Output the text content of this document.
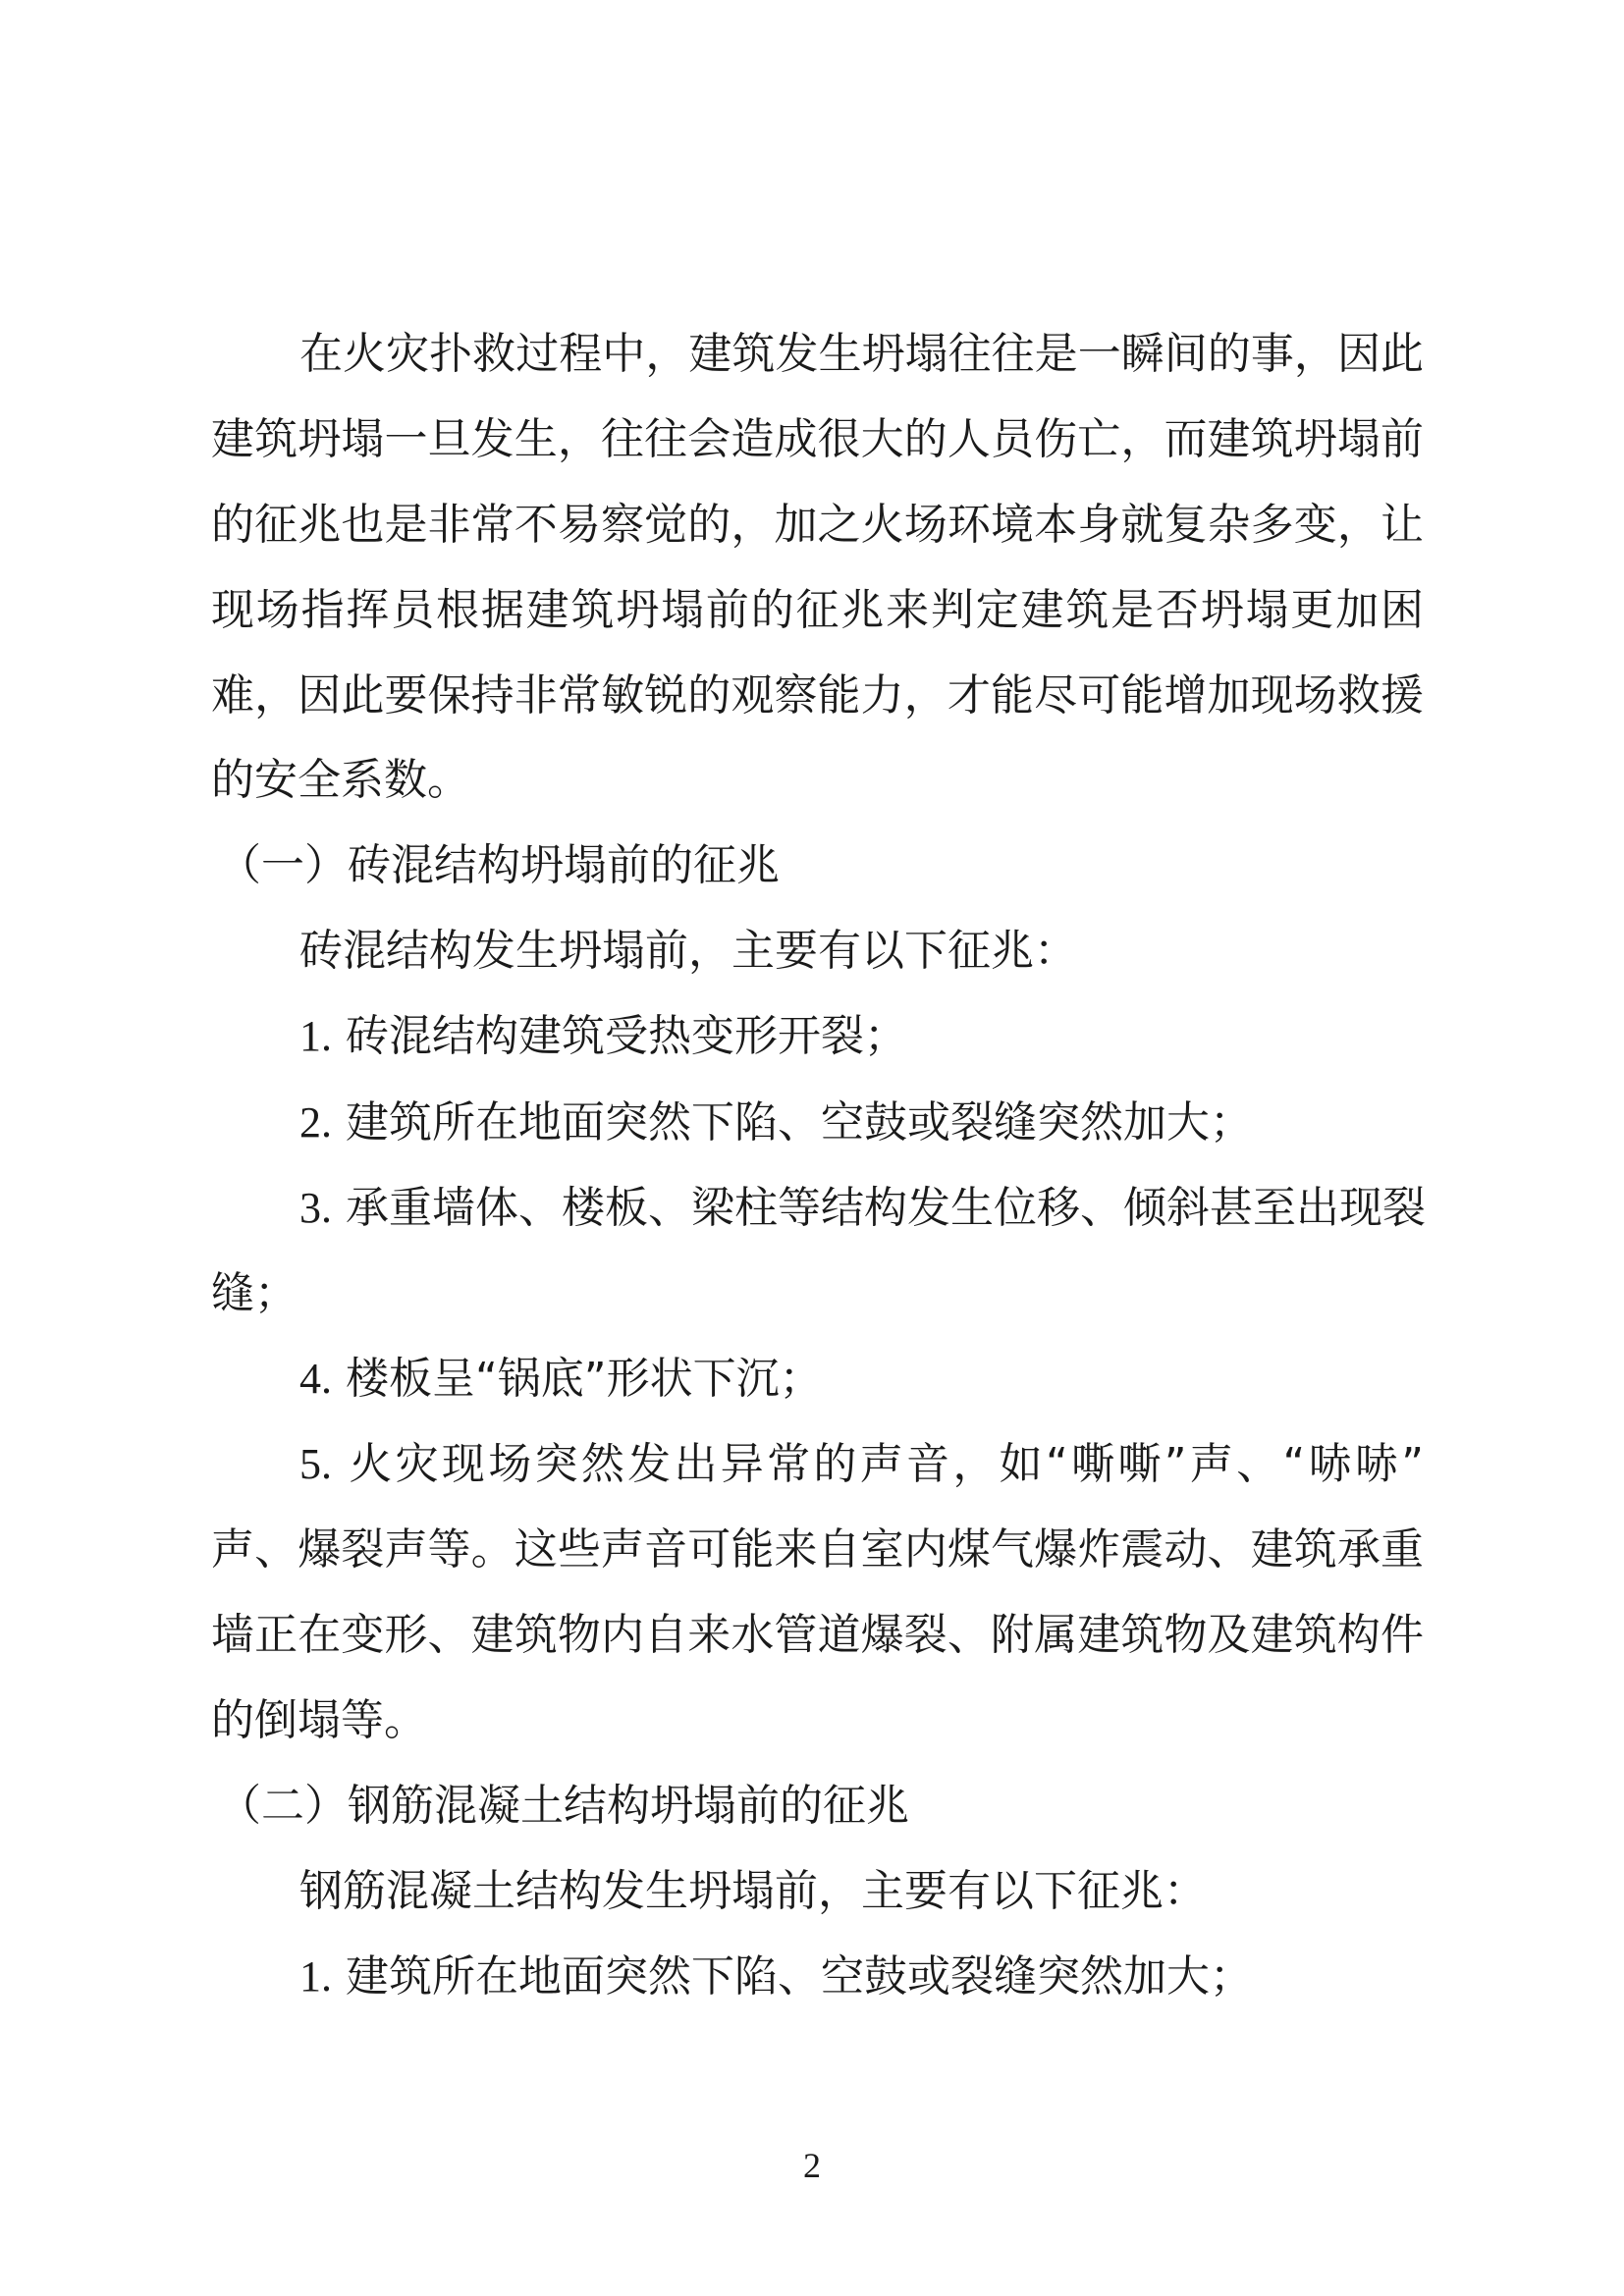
在火灾扑救过程中，建筑发生坍塌往往是一瞬间的事，因此
建筑坍塌一旦发生，往往会造成很大的人员伤亡，而建筑坍塌前
的征兆也是非常不易察觉的，加之火场环境本身就复杂多变，让
现场指挥员根据建筑坍塌前的征兆来判定建筑是否坍塌更加困
难，因此要保持非常敏锐的观察能力，才能尽可能增加现场救援
的安全系数。
（一）砖混结构坍塌前的征兆
砖混结构发生坍塌前，主要有以下征兆：
1. 砖混结构建筑受热变形开裂；
2. 建筑所在地面突然下陷、空鼓或裂缝突然加大；
3. 承重墙体、楼板、梁柱等结构发生位移、倾斜甚至出现裂
缝；
4. 楼板呈“锅底”形状下沉；
5. 火灾现场突然发出异常的声音，如“嘶嘶”声、“哧哧”
声、爆裂声等。这些声音可能来自室内煤气爆炸震动、建筑承重
墙正在变形、建筑物内自来水管道爆裂、附属建筑物及建筑构件
的倒塌等。
（二）钢筋混凝土结构坍塌前的征兆
钢筋混凝土结构发生坍塌前，主要有以下征兆：
1. 建筑所在地面突然下陷、空鼓或裂缝突然加大；
2
